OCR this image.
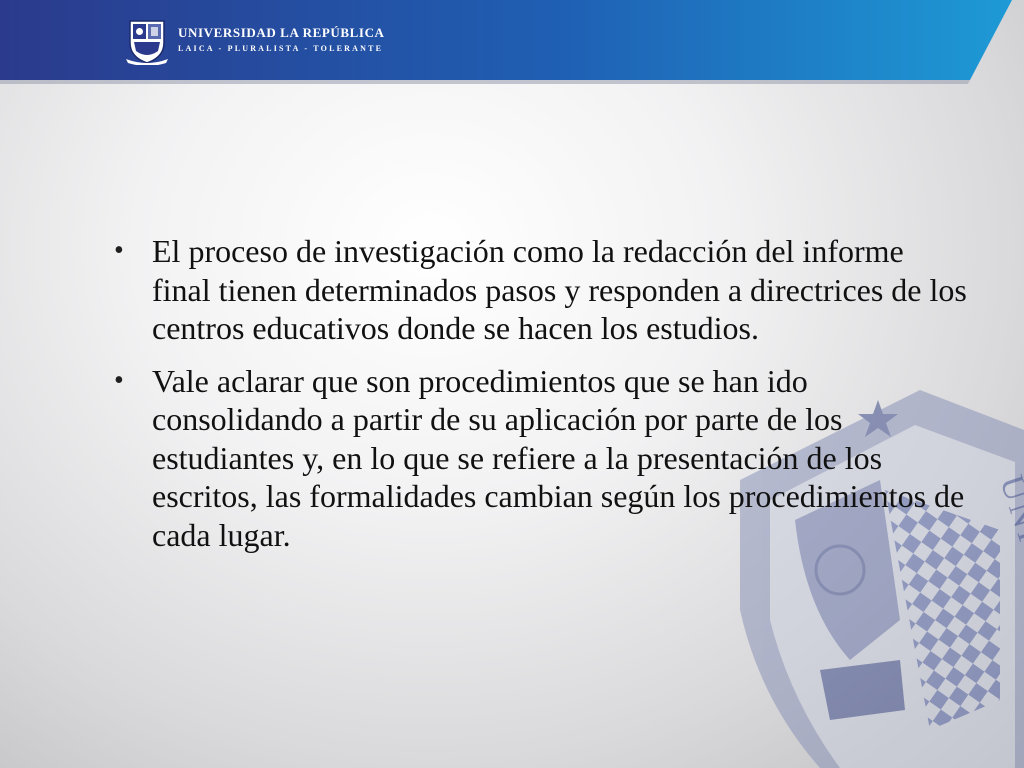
UNIVERSIDAD LA REPÚBLICA
LAICA - PLURALISTA - TOLERANTE
• El proceso de investigación como la redacción del informe final tienen determinados pasos y responden a directrices de los centros educativos donde se hacen los estudios.
• Vale aclarar que son procedimientos que se han ido consolidando a partir de su aplicación por parte de los estudiantes y, en lo que se refiere a la presentación de los escritos, las formalidades cambian según los procedimientos de cada lugar.
